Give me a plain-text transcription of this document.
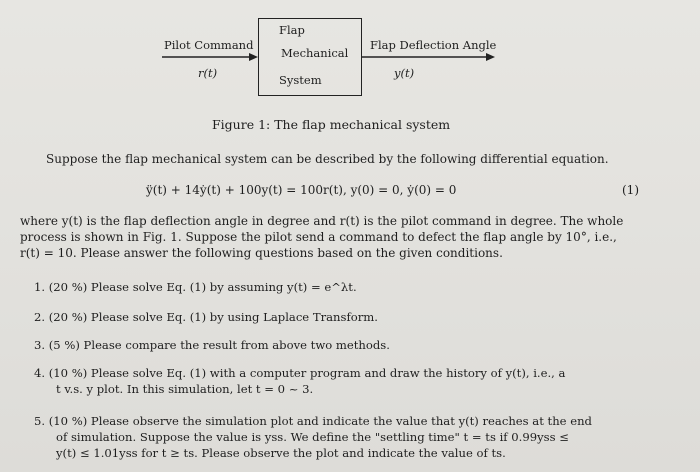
Pilot Command
r(t)
Flap
Mechanical
System
Flap Deflection Angle
y(t)
Figure 1: The flap mechanical system
Suppose the flap mechanical system can be described by the following differential equation.
ÿ(t) + 14ẏ(t) + 100y(t) = 100r(t), y(0) = 0, ẏ(0) = 0	(1)
where y(t) is the flap deflection angle in degree and r(t) is the pilot command in degree. The whole
process is shown in Fig. 1. Suppose the pilot send a command to defect the flap angle by 10°, i.e.,
r(t) = 10. Please answer the following questions based on the given conditions.
1. (20 %) Please solve Eq. (1) by assuming y(t) = e^λt.
2. (20 %) Please solve Eq. (1) by using Laplace Transform.
3. (5 %) Please compare the result from above two methods.
4. (10 %) Please solve Eq. (1) with a computer program and draw the history of y(t), i.e., a
t v.s. y plot. In this simulation, let t = 0 ~ 3.
5. (10 %) Please observe the simulation plot and indicate the value that y(t) reaches at the end
of simulation. Suppose the value is yss. We define the "settling time" t = ts if 0.99yss ≤
y(t) ≤ 1.01yss for t ≥ ts. Please observe the plot and indicate the value of ts.
